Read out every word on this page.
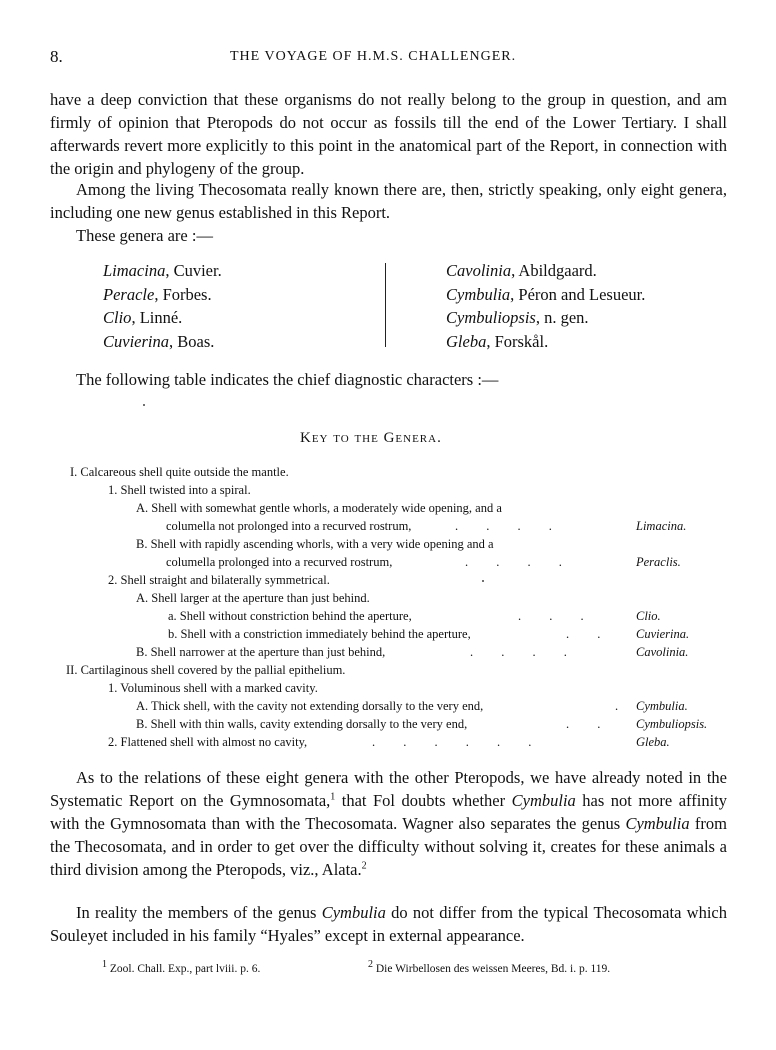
8.	THE VOYAGE OF H.M.S. CHALLENGER.

have a deep conviction that these organisms do not really belong to the group in question, and am firmly of opinion that Pteropods do not occur as fossils till the end of the Lower Tertiary. I shall afterwards revert more explicitly to this point in the anatomical part of the Report, in connection with the origin and phylogeny of the group.

Among the living Thecosomata really known there are, then, strictly speaking, only eight genera, including one new genus established in this Report.

These genera are :—

Limacina, Cuvier.
Peracle, Forbes.
Clio, Linné.
Cuvierina, Boas.
Cavolinia, Abildgaard.
Cymbulia, Péron and Lesueur.
Cymbuliopsis, n. gen.
Gleba, Forskål.

The following table indicates the chief diagnostic characters :—

Key to the Genera.
I. Calcareous shell quite outside the mantle.
1. Shell twisted into a spiral.
A. Shell with somewhat gentle whorls, a moderately wide opening, and a
columella not prolonged into a recurved rostrum,	.         .         .         .	Limacina.
B. Shell with rapidly ascending whorls, with a very wide opening and a
columella prolonged into a recurved rostrum,	.         .         .         .	Peraclis.
2. Shell straight and bilaterally symmetrical.
A. Shell larger at the aperture than just behind.
a. Shell without constriction behind the aperture,	.         .         .	Clio.
b. Shell with a constriction immediately behind the aperture,	.         .	Cuvierina.
B. Shell narrower at the aperture than just behind,	.         .         .         .	Cavolinia.
II. Cartilaginous shell covered by the pallial epithelium.
1. Voluminous shell with a marked cavity.
A. Thick shell, with the cavity not extending dorsally to the very end,	. Cymbulia.
B. Shell with thin walls, cavity extending dorsally to the very end,	.         .	Cymbuliopsis.
2. Flattened shell with almost no cavity,	.         .         .         .         .         .	Gleba.

As to the relations of these eight genera with the other Pteropods, we have already noted in the Systematic Report on the Gymnosomata,$^1$ that Fol doubts whether Cymbulia has not more affinity with the Gymnosomata than with the Thecosomata. Wagner also separates the genus Cymbulia from the Thecosomata, and in order to get over the difficulty without solving it, creates for these animals a third division among the Pteropods, viz., Alata.$^2$

In reality the members of the genus Cymbulia do not differ from the typical Thecosomata which Souleyet included in his family “Hyales” except in external appearance.

$^1$ Zool. Chall. Exp., part lviii. p. 6.	$^2$ Die Wirbellosen des weissen Meeres, Bd. i. p. 119.
